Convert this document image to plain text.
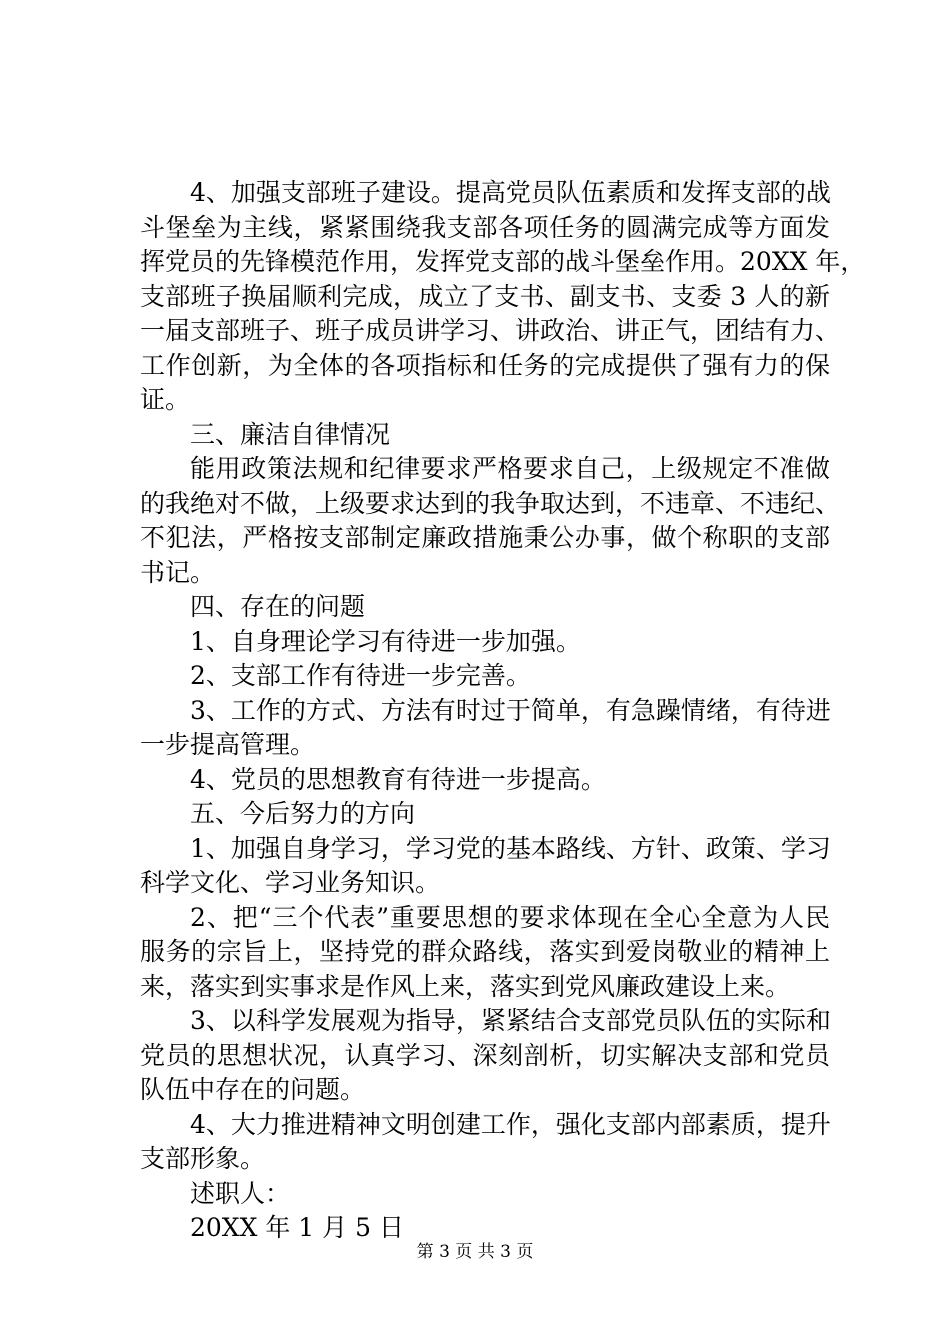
4、加强支部班子建设。提高党员队伍素质和发挥支部的战
斗堡垒为主线，紧紧围绕我支部各项任务的圆满完成等方面发
挥党员的先锋模范作用，发挥党支部的战斗堡垒作用。20XX 年，
支部班子换届顺利完成，成立了支书、副支书、支委 3 人的新
一届支部班子、班子成员讲学习、讲政治、讲正气，团结有力、
工作创新，为全体的各项指标和任务的完成提供了强有力的保
证。
三、廉洁自律情况
能用政策法规和纪律要求严格要求自己，上级规定不准做
的我绝对不做，上级要求达到的我争取达到，不违章、不违纪、
不犯法，严格按支部制定廉政措施秉公办事，做个称职的支部
书记。
四、存在的问题
1、自身理论学习有待进一步加强。
2、支部工作有待进一步完善。
3、工作的方式、方法有时过于简单，有急躁情绪，有待进
一步提高管理。
4、党员的思想教育有待进一步提高。
五、今后努力的方向
1、加强自身学习，学习党的基本路线、方针、政策、学习
科学文化、学习业务知识。
2、把“三个代表”重要思想的要求体现在全心全意为人民
服务的宗旨上，坚持党的群众路线，落实到爱岗敬业的精神上
来，落实到实事求是作风上来，落实到党风廉政建设上来。
3、以科学发展观为指导，紧紧结合支部党员队伍的实际和
党员的思想状况，认真学习、深刻剖析，切实解决支部和党员
队伍中存在的问题。
4、大力推进精神文明创建工作，强化支部内部素质，提升
支部形象。
述职人：
20XX 年 1 月 5 日
第 3 页 共 3 页
